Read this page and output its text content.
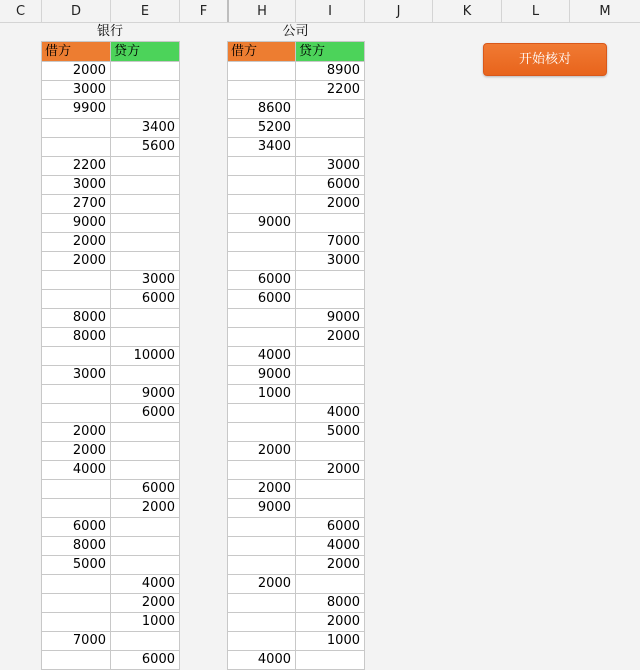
C	D	E	F	H	I	J	K	L	M
银行	公司
借方	贷方
2000	
3000	
9900	
	3400
	5600
2200	
3000	
2700	
9000	
2000	
2000	
	3000
	6000
8000	
8000	
	10000
3000	
	9000
	6000
2000	
2000	
4000	
	6000
	2000
6000	
8000	
5000	
	4000
	2000
	1000
7000	
	6000
借方	贷方
	8900
	2200
8600	
5200	
3400	
	3000
	6000
	2000
9000	
	7000
	3000
6000	
6000	
	9000
	2000
4000	
9000	
1000	
	4000
	5000
2000	
	2000
2000	
9000	
	6000
	4000
	2000
2000	
	8000
	2000
	1000
4000	
开始核对
